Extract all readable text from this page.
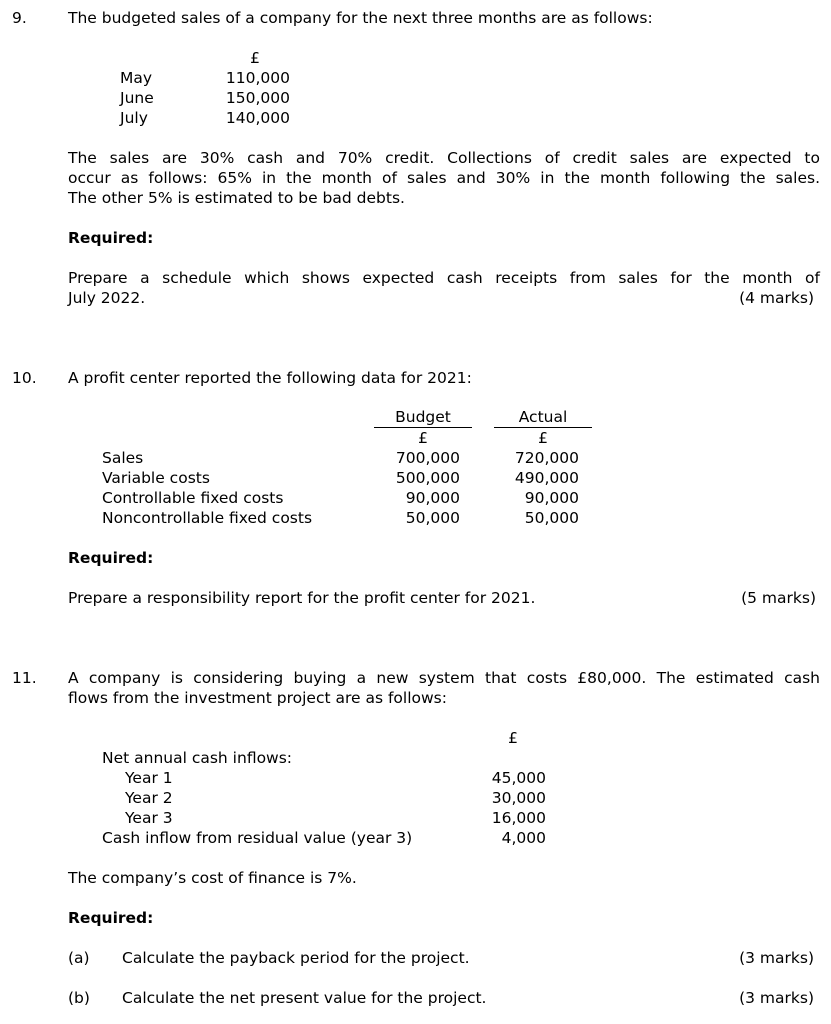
9.	The budgeted sales of a company for the next three months are as follows:
£
May	110,000
June	150,000
July	140,000
The sales are 30% cash and 70% credit. Collections of credit sales are expected to
occur as follows: 65% in the month of sales and 30% in the month following the sales.
The other 5% is estimated to be bad debts.
Required:
Prepare a schedule which shows expected cash receipts from sales for the month of
July 2022.	(4 marks)
10. A profit center reported the following data for 2021:
Budget	Actual
£	£
Sales	700,000	720,000
Variable costs	500,000	490,000
Controllable fixed costs	90,000	90,000
Noncontrollable fixed costs	50,000	50,000
Required:
Prepare a responsibility report for the profit center for 2021.	(5 marks)
11. A company is considering buying a new system that costs £80,000. The estimated cash
flows from the investment project are as follows:
£
Net annual cash inflows:
Year 1	45,000
Year 2	30,000
Year 3	16,000
Cash inflow from residual value (year 3)	4,000
The company’s cost of finance is 7%.
Required:
(a) Calculate the payback period for the project.	(3 marks)
(b) Calculate the net present value for the project.	(3 marks)
